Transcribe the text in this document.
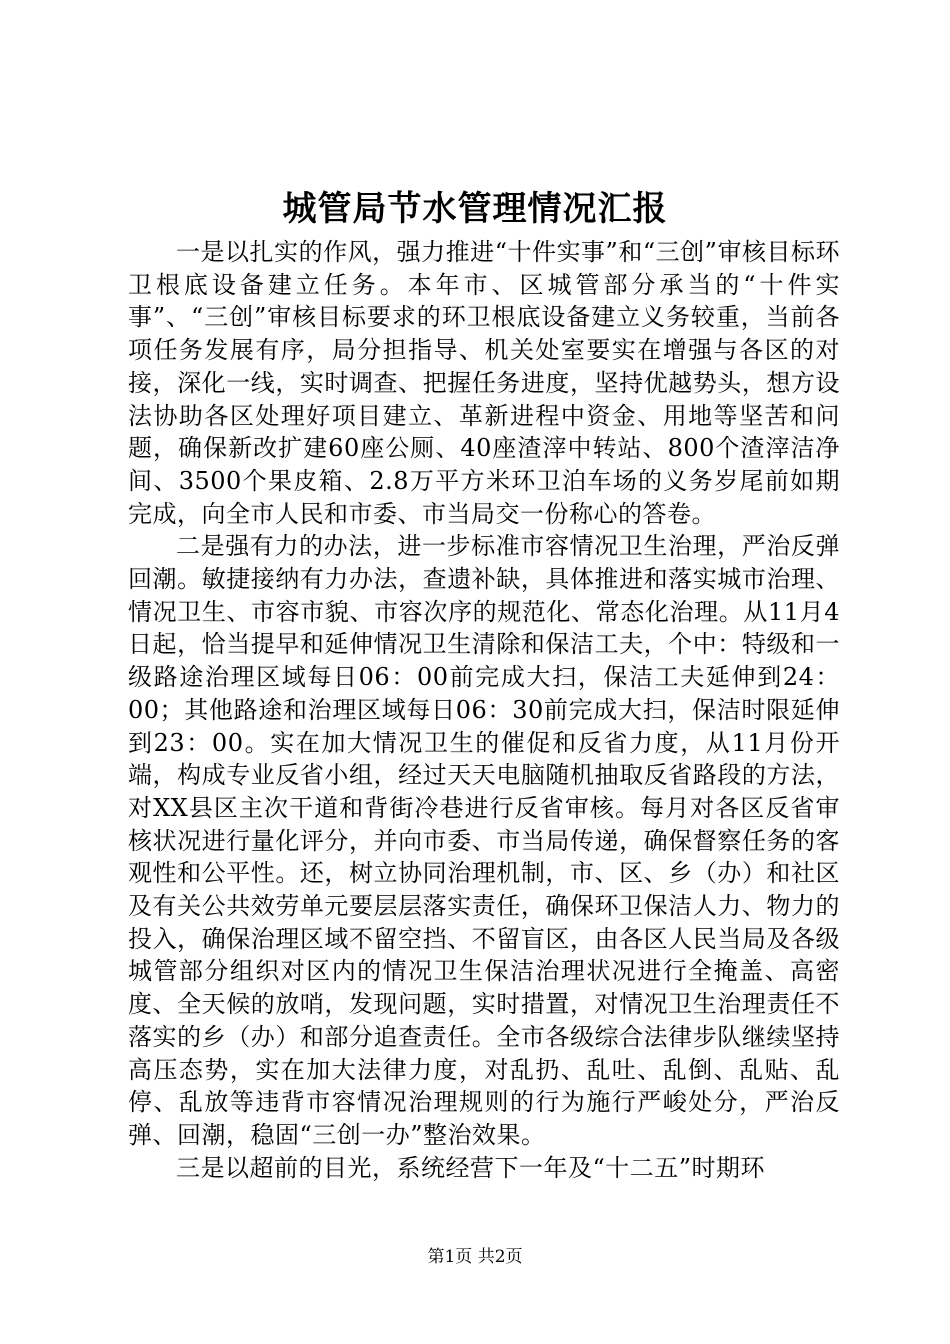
城管局节水管理情况汇报

一是以扎实的作风，强力推进“十件实事”和“三创”审核目标环卫根底设备建立任务。本年市、区城管部分承当的“十件实事”、“三创”审核目标要求的环卫根底设备建立义务较重，当前各项任务发展有序，局分担指导、机关处室要实在增强与各区的对接，深化一线，实时调查、把握任务进度，坚持优越势头，想方设法协助各区处理好项目建立、革新进程中资金、用地等坚苦和问题，确保新改扩建60座公厕、40座渣滓中转站、800个渣滓洁净间、3500个果皮箱、2.8万平方米环卫泊车场的义务岁尾前如期完成，向全市人民和市委、市当局交一份称心的答卷。

二是强有力的办法，进一步标准市容情况卫生治理，严治反弹回潮。敏捷接纳有力办法，查遗补缺，具体推进和落实城市治理、情况卫生、市容市貌、市容次序的规范化、常态化治理。从11月4日起，恰当提早和延伸情况卫生清除和保洁工夫，个中：特级和一级路途治理区域每日06：00前完成大扫，保洁工夫延伸到24：00；其他路途和治理区域每日06：30前完成大扫，保洁时限延伸到23：00。实在加大情况卫生的催促和反省力度，从11月份开端，构成专业反省小组，经过天天电脑随机抽取反省路段的方法，对XX县区主次干道和背街冷巷进行反省审核。每月对各区反省审核状况进行量化评分，并向市委、市当局传递，确保督察任务的客观性和公平性。还，树立协同治理机制，市、区、乡（办）和社区及有关公共效劳单元要层层落实责任，确保环卫保洁人力、物力的投入，确保治理区域不留空挡、不留盲区，由各区人民当局及各级城管部分组织对区内的情况卫生保洁治理状况进行全掩盖、高密度、全天候的放哨，发现问题，实时措置，对情况卫生治理责任不落实的乡（办）和部分追查责任。全市各级综合法律步队继续坚持高压态势，实在加大法律力度，对乱扔、乱吐、乱倒、乱贴、乱停、乱放等违背市容情况治理规则的行为施行严峻处分，严治反弹、回潮，稳固“三创一办”整治效果。

三是以超前的目光，系统经营下一年及“十二五”时期环

第1页 共2页
